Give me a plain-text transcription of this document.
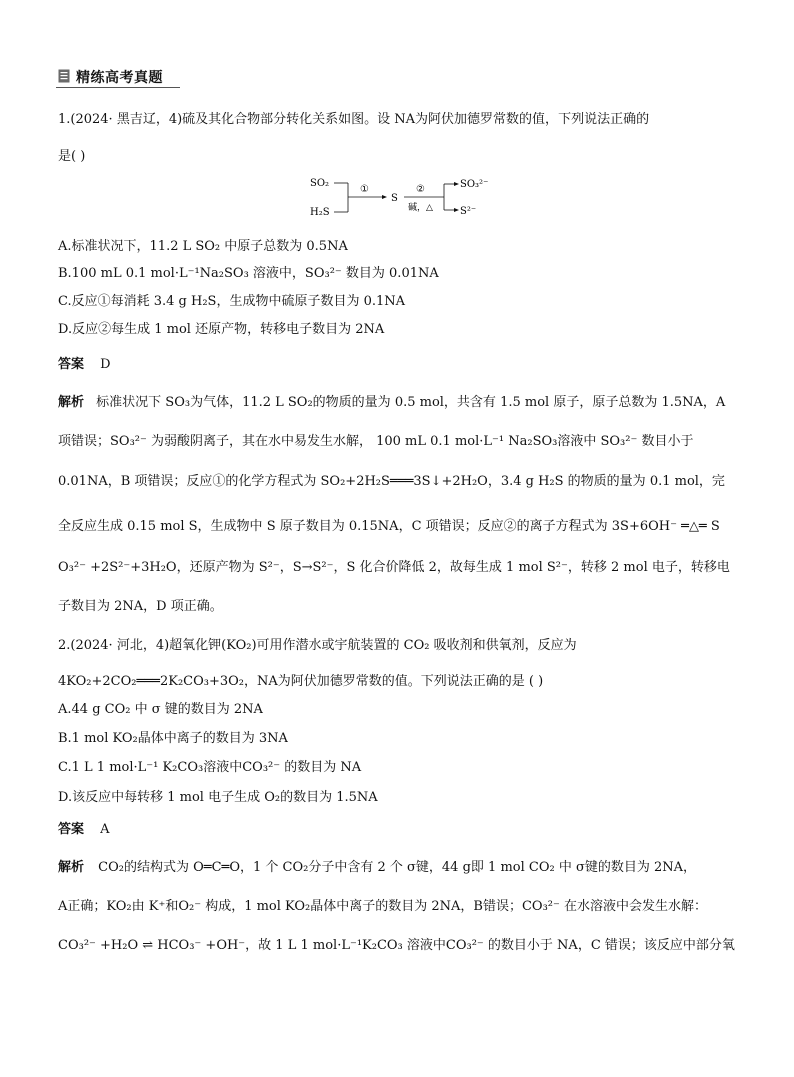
精练高考真题
1.(2024· 黑吉辽，4)硫及其化合物部分转化关系如图。设 NA为阿伏加德罗常数的值，下列说法正确的
是( )
SO₂
H₂S
①
S
②
碱，△
SO₃²⁻
S²⁻
A.标准状况下，11.2 L SO₂ 中原子总数为 0.5NA
B.100 mL 0.1 mol·L⁻¹Na₂SO₃ 溶液中，SO₃²⁻ 数目为 0.01NA
C.反应①每消耗 3.4 g H₂S，生成物中硫原子数目为 0.1NA
D.反应②每生成 1 mol 还原产物，转移电子数目为 2NA
答案 D
解析 标准状况下 SO₃为气体，11.2 L SO₂的物质的量为 0.5 mol，共含有 1.5 mol 原子，原子总数为 1.5NA，A
项错误；SO₃²⁻ 为弱酸阴离子，其在水中易发生水解， 100 mL 0.1 mol·L⁻¹ Na₂SO₃溶液中 SO₃²⁻ 数目小于
0.01NA，B 项错误；反应①的化学方程式为 SO₂+2H₂S═══3S↓+2H₂O，3.4 g H₂S 的物质的量为 0.1 mol，完
全反应生成 0.15 mol S，生成物中 S 原子数目为 0.15NA，C 项错误；反应②的离子方程式为 3S+6OH⁻ ═△═ S
O₃²⁻ +2S²⁻+3H₂O，还原产物为 S²⁻，S→S²⁻，S 化合价降低 2，故每生成 1 mol S²⁻，转移 2 mol 电子，转移电
子数目为 2NA，D 项正确。
2.(2024· 河北，4)超氧化钾(KO₂)可用作潜水或宇航装置的 CO₂ 吸收剂和供氧剂，反应为
4KO₂+2CO₂═══2K₂CO₃+3O₂，NA为阿伏加德罗常数的值。下列说法正确的是 ( )
A.44 g CO₂ 中 σ 键的数目为 2NA
B.1 mol KO₂晶体中离子的数目为 3NA
C.1 L 1 mol·L⁻¹ K₂CO₃溶液中CO₃²⁻ 的数目为 NA
D.该反应中每转移 1 mol 电子生成 O₂的数目为 1.5NA
答案 A
解析 CO₂的结构式为 O═C═O，1 个 CO₂分子中含有 2 个 σ键，44 g即 1 mol CO₂ 中 σ键的数目为 2NA，
A正确；KO₂由 K⁺和O₂⁻ 构成，1 mol KO₂晶体中离子的数目为 2NA，B错误；CO₃²⁻ 在水溶液中会发生水解：
CO₃²⁻ +H₂O ⇌ HCO₃⁻ +OH⁻，故 1 L 1 mol·L⁻¹K₂CO₃ 溶液中CO₃²⁻ 的数目小于 NA，C 错误；该反应中部分氧
